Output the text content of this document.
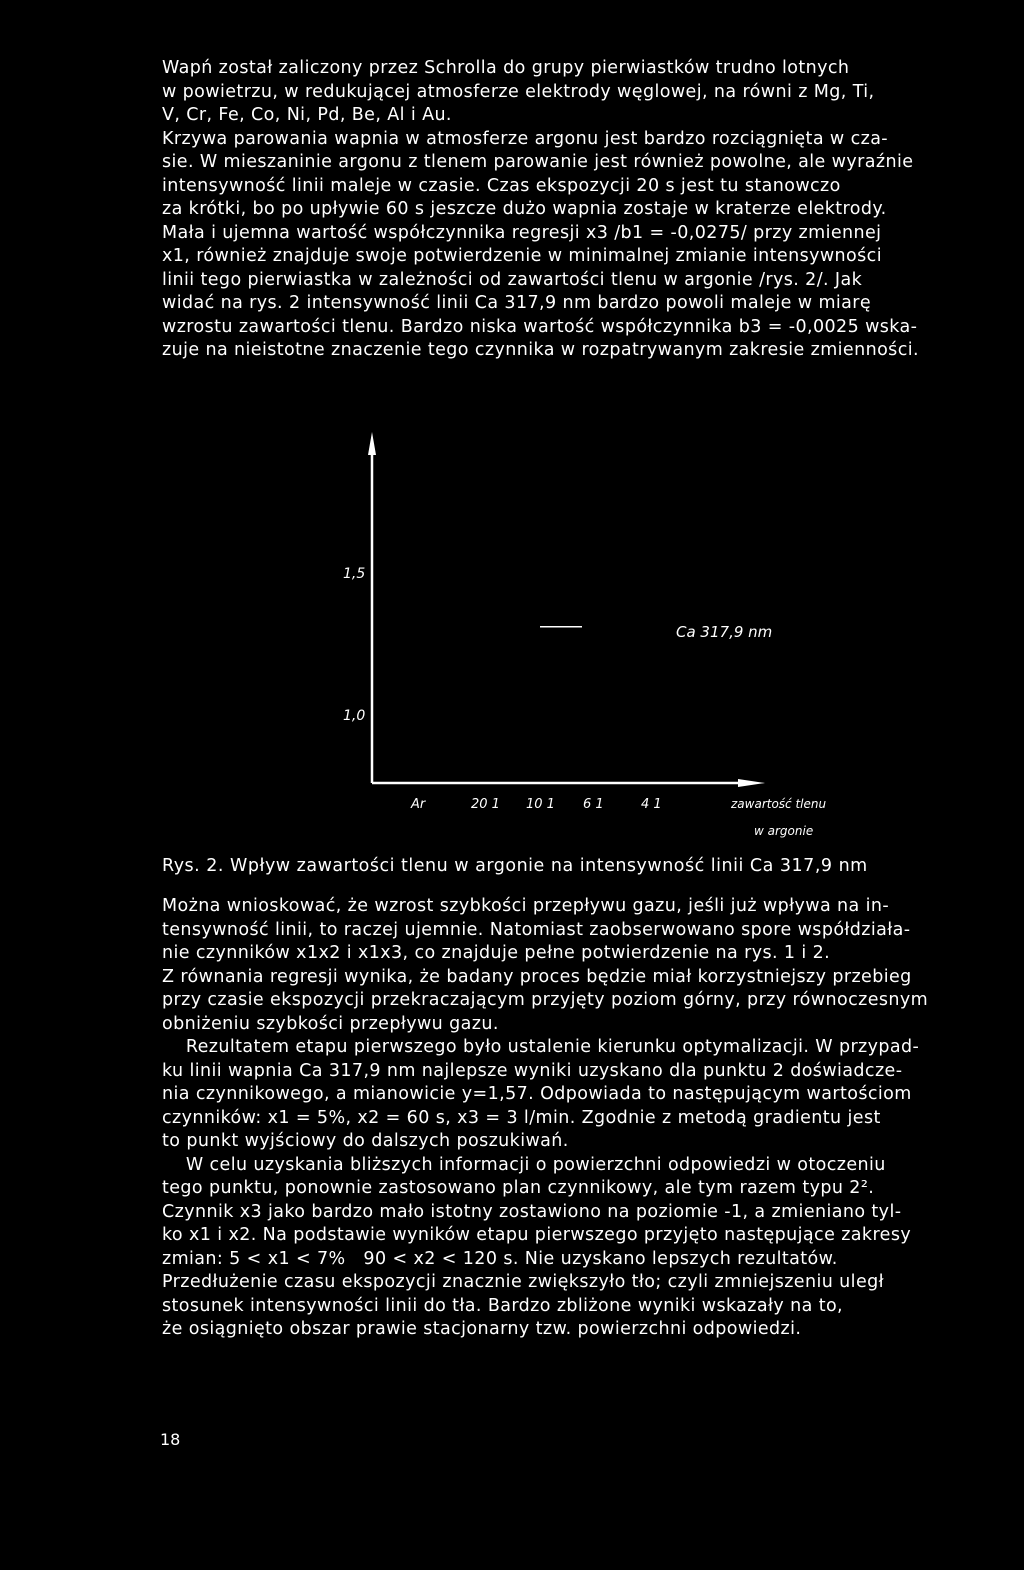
Wapń został zaliczony przez Schrolla do grupy pierwiastków trudno lotnych
w powietrzu, w redukującej atmosferze elektrody węglowej, na równi z Mg, Ti,
V, Cr, Fe, Co, Ni, Pd, Be, Al i Au.
Krzywa parowania wapnia w atmosferze argonu jest bardzo rozciągnięta w cza-
sie. W mieszaninie argonu z tlenem parowanie jest również powolne, ale wyraźnie
intensywność linii maleje w czasie. Czas ekspozycji 20 s jest tu stanowczo
za krótki, bo po upływie 60 s jeszcze dużo wapnia zostaje w kraterze elektrody.
Mała i ujemna wartość współczynnika regresji x3 /b1 = -0,0275/ przy zmiennej
x1, również znajduje swoje potwierdzenie w minimalnej zmianie intensywności
linii tego pierwiastka w zależności od zawartości tlenu w argonie /rys. 2/. Jak
widać na rys. 2 intensywność linii Ca 317,9 nm bardzo powoli maleje w miarę
wzrostu zawartości tlenu. Bardzo niska wartość współczynnika b3 = -0,0025 wska-
zuje na nieistotne znaczenie tego czynnika w rozpatrywanym zakresie zmienności.
1,5
1,0
Ca 317,9 nm
Ar	20 1 10 1 6 1	4 1	zawartość tlenu
w argonie
Rys. 2. Wpływ zawartości tlenu w argonie na intensywność linii Ca 317,9 nm
Można wnioskować, że wzrost szybkości przepływu gazu, jeśli już wpływa na in-
tensywność linii, to raczej ujemnie. Natomiast zaobserwowano spore współdziała-
nie czynników x1x2 i x1x3, co znajduje pełne potwierdzenie na rys. 1 i 2.
Z równania regresji wynika, że badany proces będzie miał korzystniejszy przebieg
przy czasie ekspozycji przekraczającym przyjęty poziom górny, przy równoczesnym
obniżeniu szybkości przepływu gazu.
Rezultatem etapu pierwszego było ustalenie kierunku optymalizacji. W przypad-
ku linii wapnia Ca 317,9 nm najlepsze wyniki uzyskano dla punktu 2 doświadcze-
nia czynnikowego, a mianowicie y=1,57. Odpowiada to następującym wartościom
czynników: x1 = 5%, x2 = 60 s, x3 = 3 l/min. Zgodnie z metodą gradientu jest
to punkt wyjściowy do dalszych poszukiwań.
W celu uzyskania bliższych informacji o powierzchni odpowiedzi w otoczeniu
tego punktu, ponownie zastosowano plan czynnikowy, ale tym razem typu 2².
Czynnik x3 jako bardzo mało istotny zostawiono na poziomie -1, a zmieniano tyl-
ko x1 i x2. Na podstawie wyników etapu pierwszego przyjęto następujące zakresy
zmian: 5 < x1 < 7%   90 < x2 < 120 s. Nie uzyskano lepszych rezultatów.
Przedłużenie czasu ekspozycji znacznie zwiększyło tło; czyli zmniejszeniu uległ
stosunek intensywności linii do tła. Bardzo zbliżone wyniki wskazały na to,
że osiągnięto obszar prawie stacjonarny tzw. powierzchni odpowiedzi.
18
